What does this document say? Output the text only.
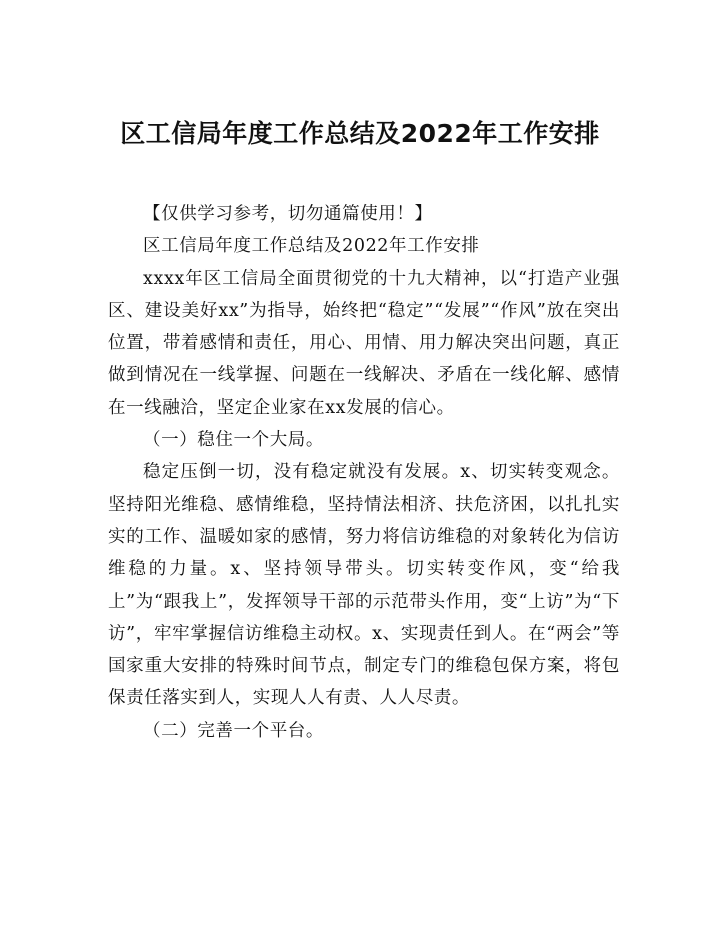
区工信局年度工作总结及2022年工作安排

【仅供学习参考，切勿通篇使用！】

区工信局年度工作总结及2022年工作安排

xxxx年区工信局全面贯彻党的十九大精神，以“打造产业强区、建设美好xx”为指导，始终把“稳定”“发展”“作风”放在突出位置，带着感情和责任，用心、用情、用力解决突出问题，真正做到情况在一线掌握、问题在一线解决、矛盾在一线化解、感情在一线融洽，坚定企业家在xx发展的信心。

（一）稳住一个大局。

稳定压倒一切，没有稳定就没有发展。x、切实转变观念。坚持阳光维稳、感情维稳，坚持情法相济、扶危济困，以扎扎实实的工作、温暖如家的感情，努力将信访维稳的对象转化为信访维稳的力量。x、坚持领导带头。切实转变作风，变“给我上”为“跟我上”，发挥领导干部的示范带头作用，变“上访”为“下访”，牢牢掌握信访维稳主动权。x、实现责任到人。在“两会”等国家重大安排的特殊时间节点，制定专门的维稳包保方案，将包保责任落实到人，实现人人有责、人人尽责。

（二）完善一个平台。
